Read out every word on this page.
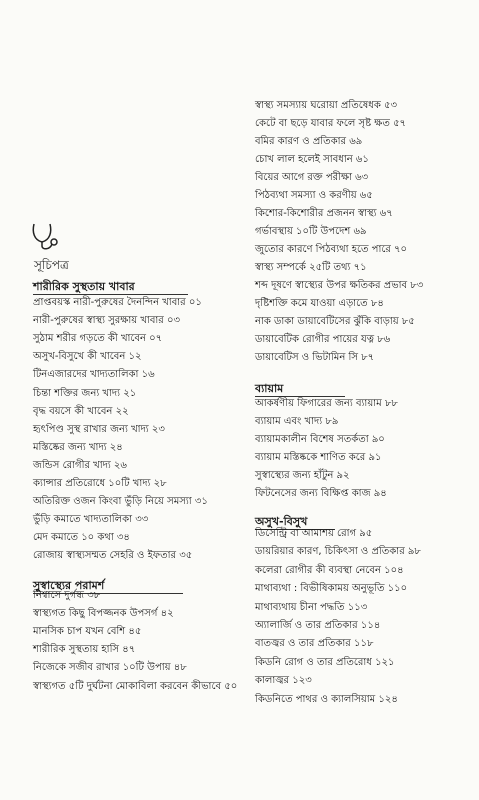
সূচিপত্র
শারীরিক সুস্থতায় খাবার
প্রাপ্তবয়স্ক নারী-পুরুষের দৈনন্দিন খাবার ০১
নারী-পুরুষের স্বাস্থ্য সুরক্ষায় খাবার ০৩
সুঠাম শরীর গড়তে কী খাবেন ০৭
অসুখ-বিসুখে কী খাবেন ১২
টিনএজারদের খাদ্যতালিকা ১৬
চিন্তা শক্তির জন্য খাদ্য ২১
বৃদ্ধ বয়সে কী খাবেন ২২
হৃৎপিণ্ড সুস্থ রাখার জন্য খাদ্য ২৩
মস্তিষ্কের জন্য খাদ্য ২৪
জন্ডিস রোগীর খাদ্য ২৬
ক্যান্সার প্রতিরোধে ১০টি খাদ্য ২৮
অতিরিক্ত ওজন কিংবা ভুঁড়ি নিয়ে সমস্যা ৩১
ভুঁড়ি কমাতে খাদ্যতালিকা ৩৩
মেদ কমাতে ১০ কথা ৩৪
রোজায় স্বাস্থ্যসম্মত সেহরি ও ইফতার ৩৫
সুস্বাস্থ্যের পরামর্শ
নিশ্বাসে দুর্গন্ধ ৩৮
স্বাস্থ্যগত কিছু বিপজ্জনক উপসর্গ ৪২
মানসিক চাপ যখন বেশি ৪৫
শারীরিক সুস্থতায় হাসি ৪৭
নিজেকে সজীব রাখার ১০টি উপায় ৪৮
স্বাস্থ্যগত ৫টি দুর্ঘটনা মোকাবিলা করবেন কীভাবে ৫০
স্বাস্থ্য সমস্যায় ঘরোয়া প্রতিষেধক ৫৩
কেটে বা ছড়ে যাবার ফলে সৃষ্ট ক্ষত ৫৭
বমির কারণ ও প্রতিকার ৬৯
চোখ লাল হলেই সাবধান ৬১
বিয়ের আগে রক্ত পরীক্ষা ৬৩
পিঠব্যথা সমস্যা ও করণীয় ৬৫
কিশোর-কিশোরীর প্রজনন স্বাস্থ্য ৬৭
গর্ভাবস্থায় ১০টি উপদেশ ৬৯
জুতোর কারণে পিঠব্যথা হতে পারে ৭০
স্বাস্থ্য সম্পর্কে ২৫টি তথ্য ৭১
শব্দ দূষণে স্বাস্থ্যের উপর ক্ষতিকর প্রভাব ৮৩
দৃষ্টিশক্তি কমে যাওয়া এড়াতে ৮৪
নাক ডাকা ডায়াবেটিসের ঝুঁকি বাড়ায় ৮৫
ডায়াবেটিক রোগীর পায়ের যত্ন ৮৬
ডায়াবেটিস ও ভিটামিন সি ৮৭
ব্যায়াম
আকর্ষণীয় ফিগারের জন্য ব্যায়াম ৮৮
ব্যায়াম এবং খাদ্য ৮৯
ব্যায়ামকালীন বিশেষ সতর্কতা ৯০
ব্যায়াম মস্তিষ্ককে শাণিত করে ৯১
সুস্বাস্থ্যের জন্য হাঁটুন ৯২
ফিটনেসের জন্য বিক্ষিপ্ত কাজ ৯৪
অসুখ-বিসুখ
ডিসেন্ট্রি বা আমাশয় রোগ ৯৫
ডায়রিয়ার কারণ, চিকিৎসা ও প্রতিকার ৯৮
কলেরা রোগীর কী ব্যবস্থা নেবেন ১০৪
মাথাব্যথা : বিভীষিকাময় অনুভূতি ১১০
মাথাব্যথায় চীনা পদ্ধতি ১১৩
অ্যালার্জি ও তার প্রতিকার ১১৪
বাতজ্বর ও তার প্রতিকার ১১৮
কিডনি রোগ ও তার প্রতিরোধ ১২১
কালাজ্বর ১২৩
কিডনিতে পাথর ও ক্যালসিয়াম ১২৪
